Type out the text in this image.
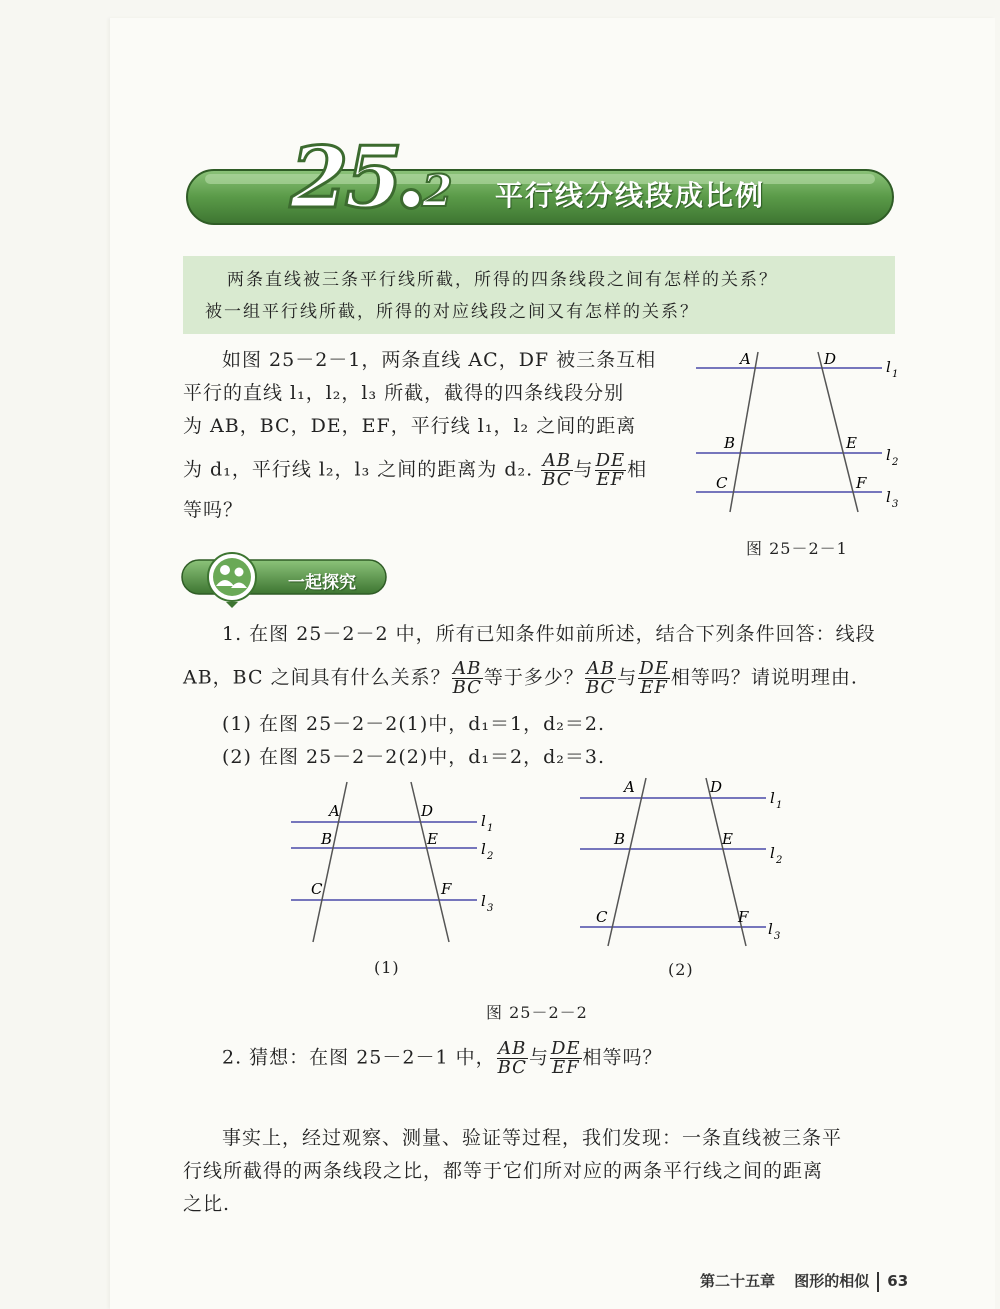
25 2 平行线分线段成比例

两条直线被三条平行线所截，所得的四条线段之间有怎样的关系？

被一组平行线所截，所得的对应线段之间又有怎样的关系？

如图 25－2－1，两条直线 AC，DF 被三条互相

平行的直线 l₁，l₂，l₃ 所截，截得的四条线段分别

为 AB，BC，DE，EF，平行线 l₁，l₂ 之间的距离

为 d₁，平行线 l₂，l₃ 之间的距离为 d₂. $\frac{AB}{BC}$ 与 $\frac{DE}{EF}$ 相

等吗？

A	D
B	E
C	F
l 1
l 2
l 3
图 25－2－1
一起探究

1. 在图 25－2－2 中，所有已知条件如前所述，结合下列条件回答：线段

AB，BC 之间具有什么关系？ $\frac{AB}{BC}$ 等于多少？ $\frac{AB}{BC}$ 与 $\frac{DE}{EF}$ 相等吗？请说明理由.

(1) 在图 25－2－2(1)中，d₁＝1，d₂＝2.

(2) 在图 25－2－2(2)中，d₁＝2，d₂＝3.

A	D
B	E
C	F
l 1
l 2
l 3
(1)
A	D
B	E
C	F
l 1
l 2
l 3
(2)
图 25－2－2

2. 猜想：在图 25－2－1 中， $\frac{AB}{BC}$ 与 $\frac{DE}{EF}$ 相等吗？

事实上，经过观察、测量、验证等过程，我们发现：一条直线被三条平

行线所截得的两条线段之比，都等于它们所对应的两条平行线之间的距离

之比.

第二十五章 图形的相似 63
